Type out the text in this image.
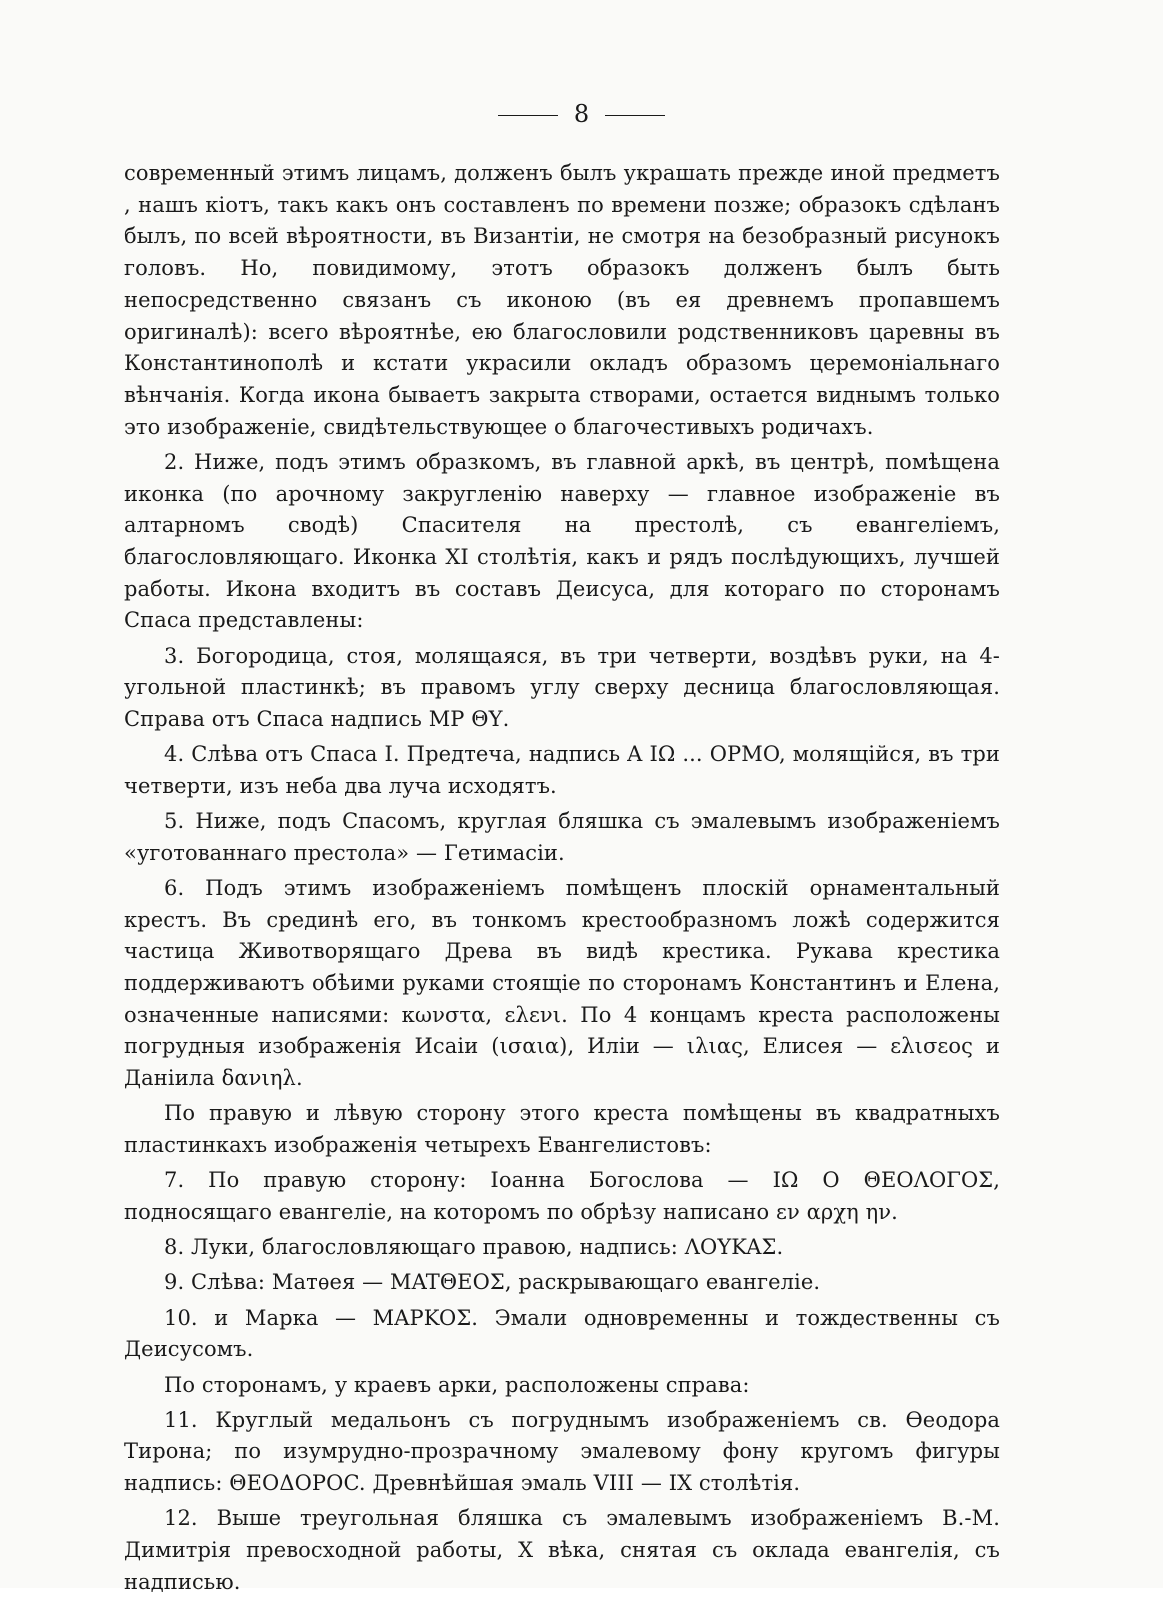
8

современный этимъ лицамъ, долженъ былъ украшать прежде иной предметъ , нашъ кіотъ, такъ какъ онъ составленъ по времени позже; образокъ сдѣланъ былъ, по всей вѣроятности, въ Византіи, не смотря на безобразный рисунокъ головъ. Но, повидимому, этотъ образокъ долженъ былъ быть непосредственно связанъ съ иконою (въ ея древнемъ пропавшемъ оригиналѣ): всего вѣроятнѣе, ею благословили родственниковъ царевны въ Константинополѣ и кстати украсили окладъ образомъ церемоніальнаго вѣнчанія. Когда икона бываетъ закрыта створами, остается виднымъ только это изображеніе, свидѣтельствующее о благочестивыхъ родичахъ.

2. Ниже, подъ этимъ образкомъ, въ главной аркѣ, въ центрѣ, помѣщена иконка (по арочному закругленію наверху — главное изображеніе въ алтарномъ сводѣ) Спасителя на престолѣ, съ евангеліемъ, благословляющаго. Иконка XI столѣтія, какъ и рядъ послѣдующихъ, лучшей работы. Икона входитъ въ составъ Деисуса, для котораго по сторонамъ Спаса представлены:

3. Богородица, стоя, молящаяся, въ три четверти, воздѣвъ руки, на 4-угольной пластинкѣ; въ правомъ углу сверху десница благословляющая. Справа отъ Спаса надпись МР ΘΥ.

4. Слѣва отъ Спаса І. Предтеча, надпись A IΩ ... OPMO, молящійся, въ три четверти, изъ неба два луча исходятъ.

5. Ниже, подъ Спасомъ, круглая бляшка съ эмалевымъ изображеніемъ «уготованнаго престола» — Гетимасіи.

6. Подъ этимъ изображеніемъ помѣщенъ плоскій орнаментальный крестъ. Въ срединѣ его, въ тонкомъ крестообразномъ ложѣ содержится частица Животворящаго Древа въ видѣ крестика. Рукава крестика поддерживаютъ обѣими руками стоящіе по сторонамъ Константинъ и Елена, означенные написями: κωνστα, ελενι. По 4 концамъ креста расположены погрудныя изображенія Исаіи (ισαια), Иліи — ιλιας, Елисея — ελισεος и Даніила δανιηλ.

По правую и лѣвую сторону этого креста помѣщены въ квадратныхъ пластинкахъ изображенія четырехъ Евангелистовъ:

7. По правую сторону: Іоанна Богослова — IΩ O ΘEOΛOΓOΣ, подносящаго евангеліе, на которомъ по обрѣзу написано εν αρχη ην.

8. Луки, благословляющаго правою, надпись: ΛOYKAΣ.

9. Слѣва: Матѳея — MATΘEOΣ, раскрывающаго евангеліе.

10. и Марка — MAPKOΣ. Эмали одновременны и тождественны съ Деисусомъ.

По сторонамъ, у краевъ арки, расположены справа:

11. Круглый медальонъ съ погруднымъ изображеніемъ св. Ѳеодора Тирона; по изумрудно-прозрачному эмалевому фону кругомъ фигуры надпись: ΘEOΔOPOC. Древнѣйшая эмаль VIII — IX столѣтія.

12. Выше треугольная бляшка съ эмалевымъ изображеніемъ В.-М. Димитрія превосходной работы, X вѣка, снятая съ оклада евангелія, съ надписью.
